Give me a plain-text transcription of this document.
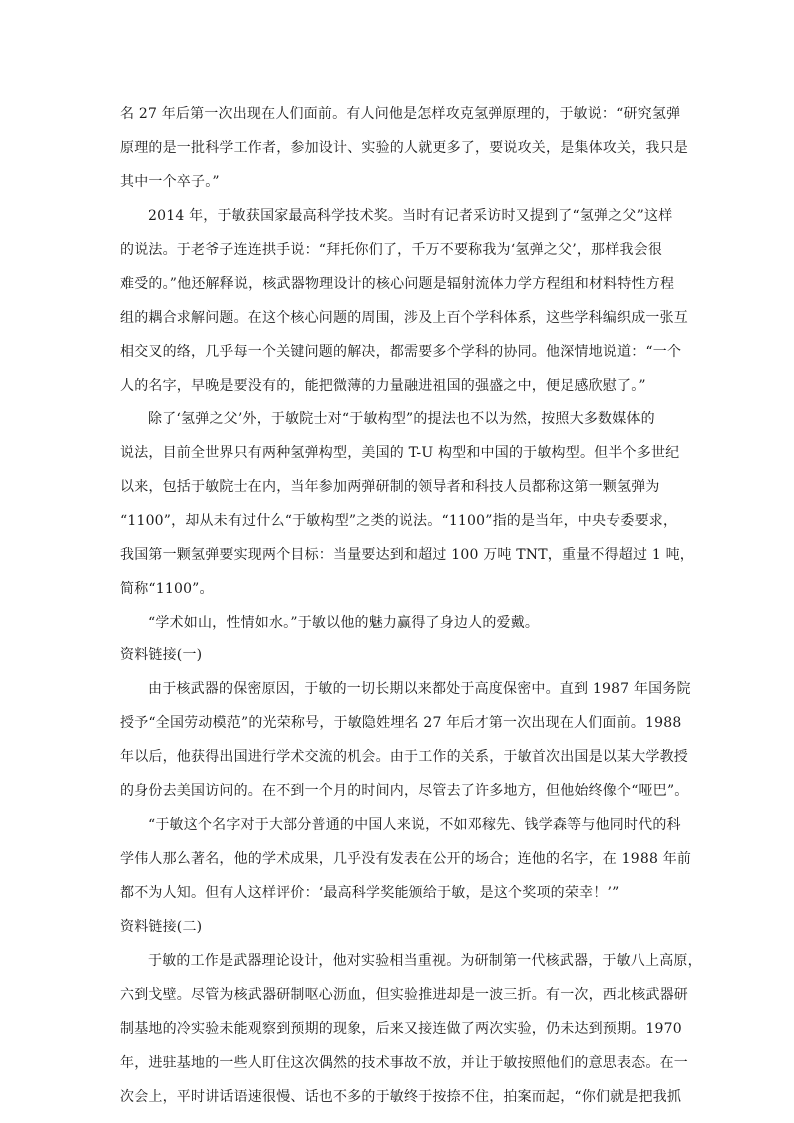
名 27 年后第一次出现在人们面前。有人问他是怎样攻克氢弹原理的，于敏说：“研究氢弹
原理的是一批科学工作者，参加设计、实验的人就更多了，要说攻关，是集体攻关，我只是
其中一个卒子。”
2014 年，于敏获国家最高科学技术奖。当时有记者采访时又提到了“氢弹之父”这样
的说法。于老爷子连连拱手说：“拜托你们了，千万不要称我为‘氢弹之父’，那样我会很
难受的。”他还解释说，核武器物理设计的核心问题是辐射流体力学方程组和材料特性方程
组的耦合求解问题。在这个核心问题的周围，涉及上百个学科体系，这些学科编织成一张互
相交叉的络，几乎每一个关键问题的解决，都需要多个学科的协同。他深情地说道：“一个
人的名字，早晚是要没有的，能把微薄的力量融进祖国的强盛之中，便足感欣慰了。”
除了‘氢弹之父’外，于敏院士对“于敏构型”的提法也不以为然，按照大多数媒体的
说法，目前全世界只有两种氢弹构型，美国的 T-U 构型和中国的于敏构型。但半个多世纪
以来，包括于敏院士在内，当年参加两弹研制的领导者和科技人员都称这第一颗氢弹为
“1100”，却从未有过什么“于敏构型”之类的说法。“1100”指的是当年，中央专委要求，
我国第一颗氢弹要实现两个目标：当量要达到和超过 100 万吨 TNT，重量不得超过 1 吨，
简称“1100”。
“学术如山，性情如水。”于敏以他的魅力赢得了身边人的爱戴。
资料链接(一)
由于核武器的保密原因，于敏的一切长期以来都处于高度保密中。直到 1987 年国务院
授予“全国劳动模范”的光荣称号，于敏隐姓埋名 27 年后才第一次出现在人们面前。1988
年以后，他获得出国进行学术交流的机会。由于工作的关系，于敏首次出国是以某大学教授
的身份去美国访问的。在不到一个月的时间内，尽管去了许多地方，但他始终像个“哑巴”。
“于敏这个名字对于大部分普通的中国人来说，不如邓稼先、钱学森等与他同时代的科
学伟人那么著名，他的学术成果，几乎没有发表在公开的场合；连他的名字，在 1988 年前
都不为人知。但有人这样评价：‘最高科学奖能颁给于敏，是这个奖项的荣幸！’”
资料链接(二)
于敏的工作是武器理论设计，他对实验相当重视。为研制第一代核武器，于敏八上高原，
六到戈壁。尽管为核武器研制呕心沥血，但实验推进却是一波三折。有一次，西北核武器研
制基地的冷实验未能观察到预期的现象，后来又接连做了两次实验，仍未达到预期。1970
年，进驻基地的一些人盯住这次偶然的技术事故不放，并让于敏按照他们的意思表态。在一
次会上，平时讲话语速很慢、话也不多的于敏终于按捺不住，拍案而起，“你们就是把我抓
